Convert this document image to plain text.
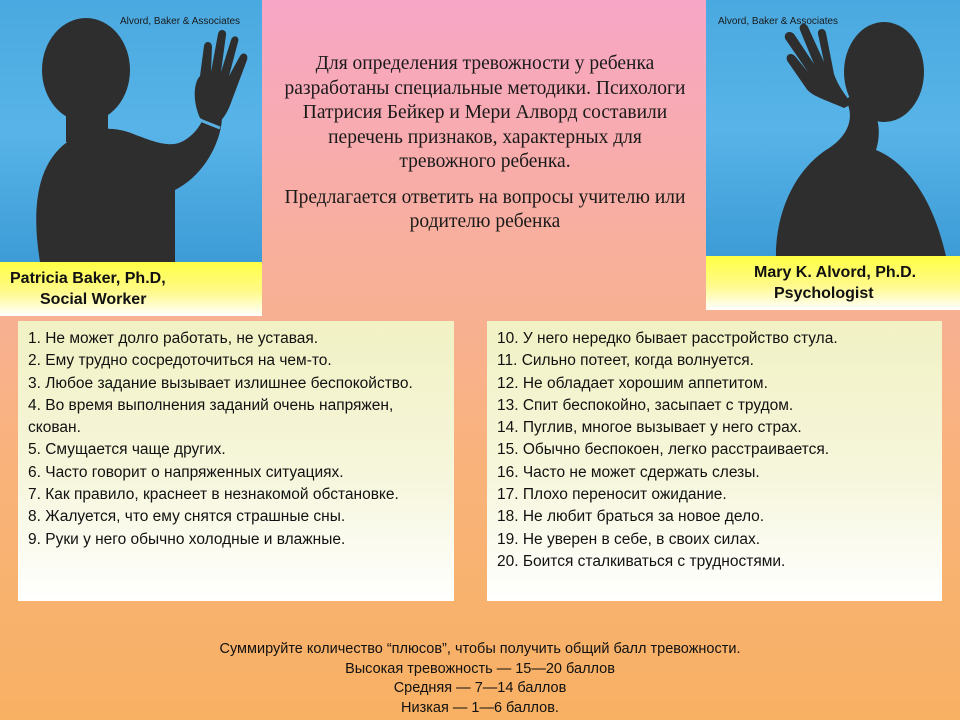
Alvord, Baker & Associates
Patricia Baker, Ph.D,
Social Worker
Alvord, Baker & Associates
Mary K. Alvord, Ph.D.
Psychologist

Для определения тревожности у ребенка разработаны специальные методики. Психологи Патрисия Бейкер и Мери Алворд составили перечень признаков, характерных для тревожного ребенка.

Предлагается ответить на вопросы учителю или родителю ребенка

1. Не может долго работать, не уставая.
2. Ему трудно сосредоточиться на чем-то.
3. Любое задание вызывает излишнее беспокойство.
4. Во время выполнения заданий очень напряжен, скован.
5. Смущается чаще других.
6. Часто говорит о напряженных ситуациях.
7. Как правило, краснеет в незнакомой обстановке.
8. Жалуется, что ему снятся страшные сны.
9. Руки у него обычно холодные и влажные.
10. У него нередко бывает расстройство стула.
11. Сильно потеет, когда волнуется.
12. Не обладает хорошим аппетитом.
13. Спит беспокойно, засыпает с трудом.
14. Пуглив, многое вызывает у него страх.
15. Обычно беспокоен, легко расстраивается.
16. Часто не может сдержать слезы.
17. Плохо переносит ожидание.
18. Не любит браться за новое дело.
19. Не уверен в себе, в своих силах.
20. Боится сталкиваться с трудностями.
Суммируйте количество “плюсов”, чтобы получить общий балл тревожности.
Высокая тревожность — 15—20 баллов
Средняя — 7—14 баллов
Низкая — 1—6 баллов.
